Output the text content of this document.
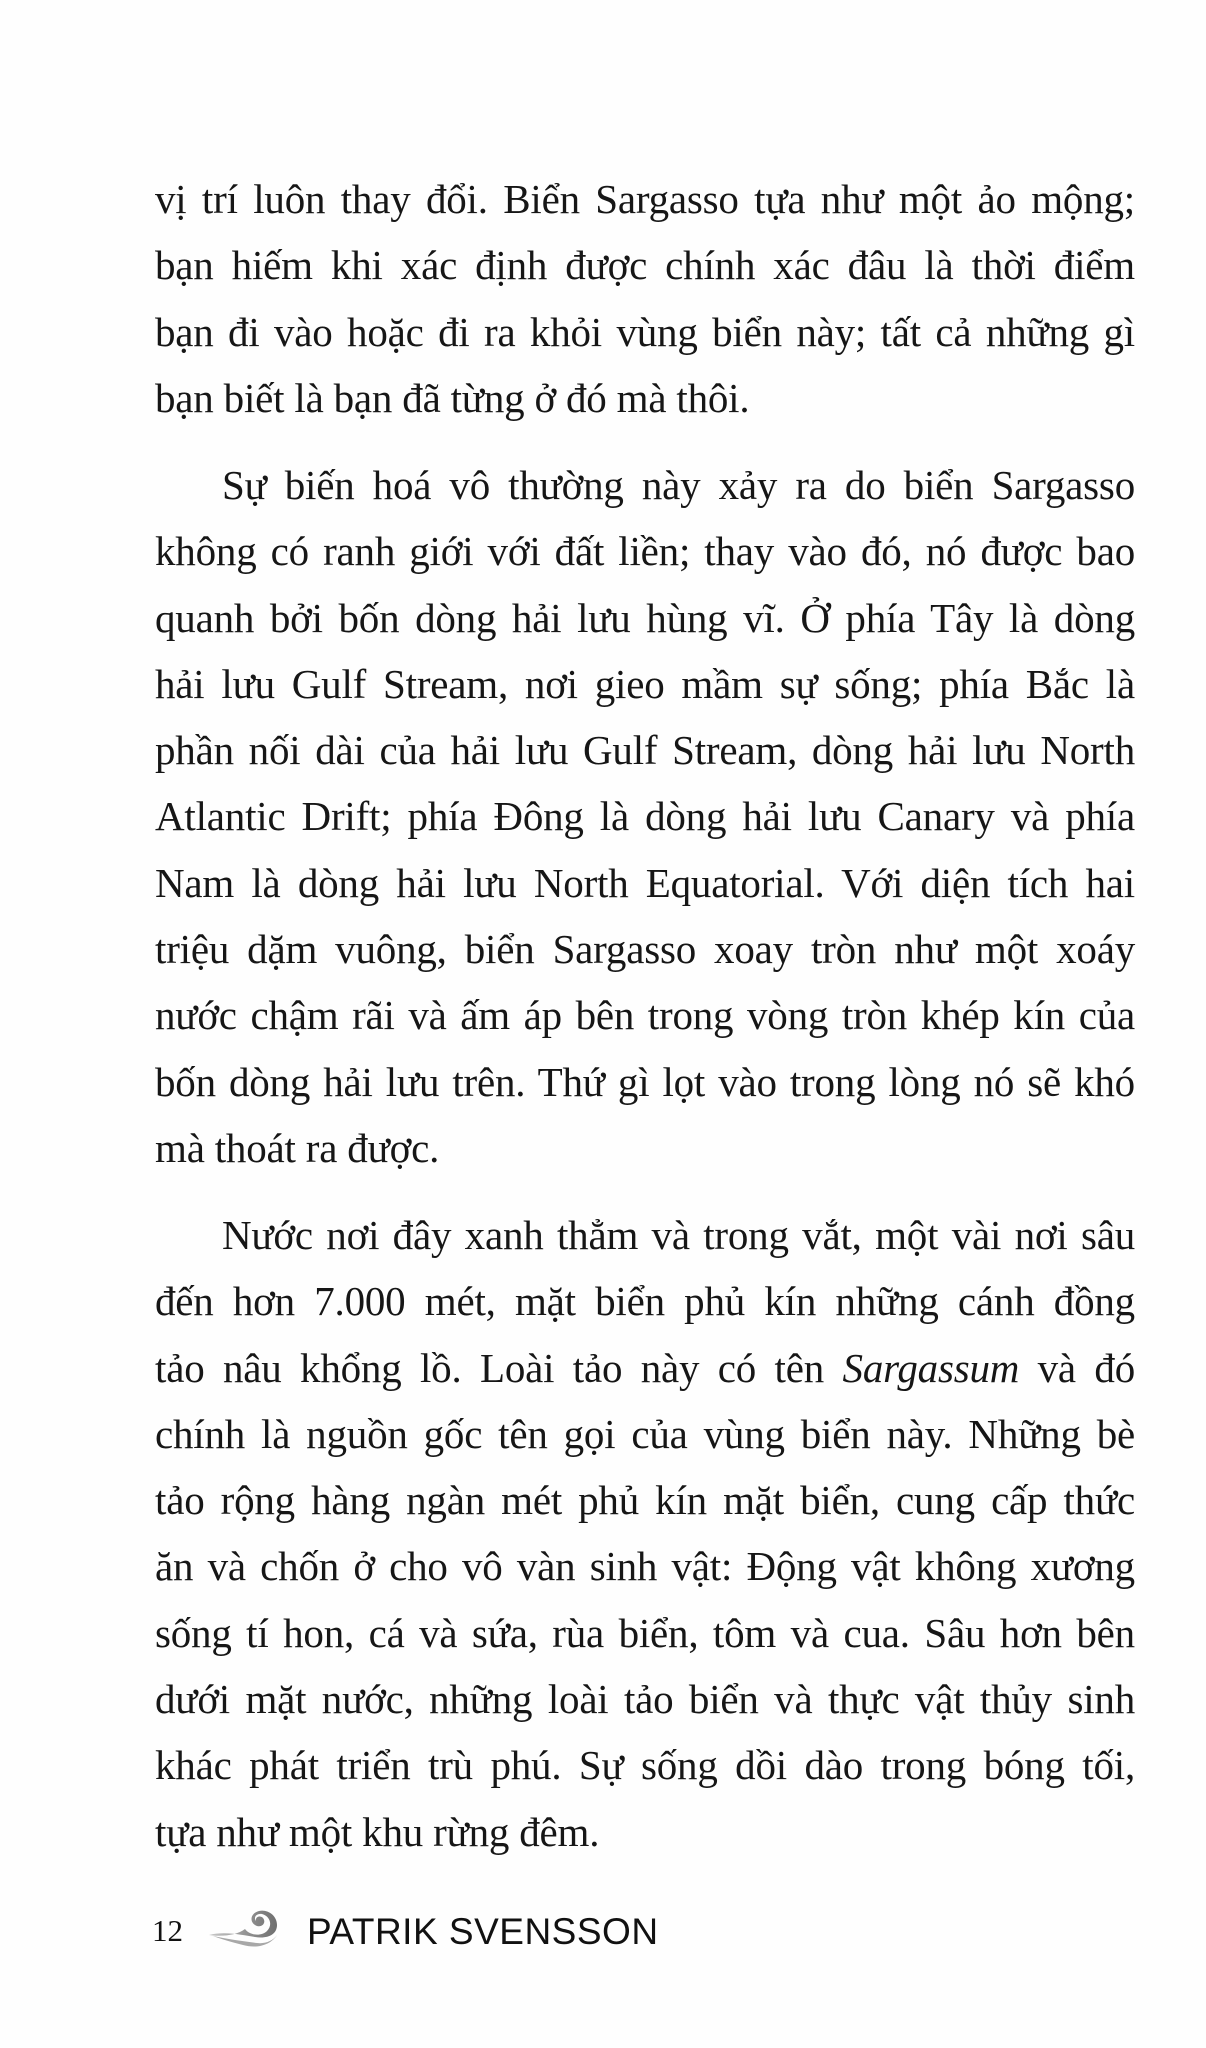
vị trí luôn thay đổi. Biển Sargasso tựa như một ảo mộng;
bạn hiếm khi xác định được chính xác đâu là thời điểm
bạn đi vào hoặc đi ra khỏi vùng biển này; tất cả những gì
bạn biết là bạn đã từng ở đó mà thôi.
Sự biến hoá vô thường này xảy ra do biển Sargasso
không có ranh giới với đất liền; thay vào đó, nó được bao
quanh bởi bốn dòng hải lưu hùng vĩ. Ở phía Tây là dòng
hải lưu Gulf Stream, nơi gieo mầm sự sống; phía Bắc là
phần nối dài của hải lưu Gulf Stream, dòng hải lưu North
Atlantic Drift; phía Đông là dòng hải lưu Canary và phía
Nam là dòng hải lưu North Equatorial. Với diện tích hai
triệu dặm vuông, biển Sargasso xoay tròn như một xoáy
nước chậm rãi và ấm áp bên trong vòng tròn khép kín của
bốn dòng hải lưu trên. Thứ gì lọt vào trong lòng nó sẽ khó
mà thoát ra được.
Nước nơi đây xanh thẳm và trong vắt, một vài nơi sâu
đến hơn 7.000 mét, mặt biển phủ kín những cánh đồng
tảo nâu khổng lồ. Loài tảo này có tên Sargassum và đó
chính là nguồn gốc tên gọi của vùng biển này. Những bè
tảo rộng hàng ngàn mét phủ kín mặt biển, cung cấp thức
ăn và chốn ở cho vô vàn sinh vật: Động vật không xương
sống tí hon, cá và sứa, rùa biển, tôm và cua. Sâu hơn bên
dưới mặt nước, những loài tảo biển và thực vật thủy sinh
khác phát triển trù phú. Sự sống dồi dào trong bóng tối,
tựa như một khu rừng đêm.
12	PATRIK SVENSSON
